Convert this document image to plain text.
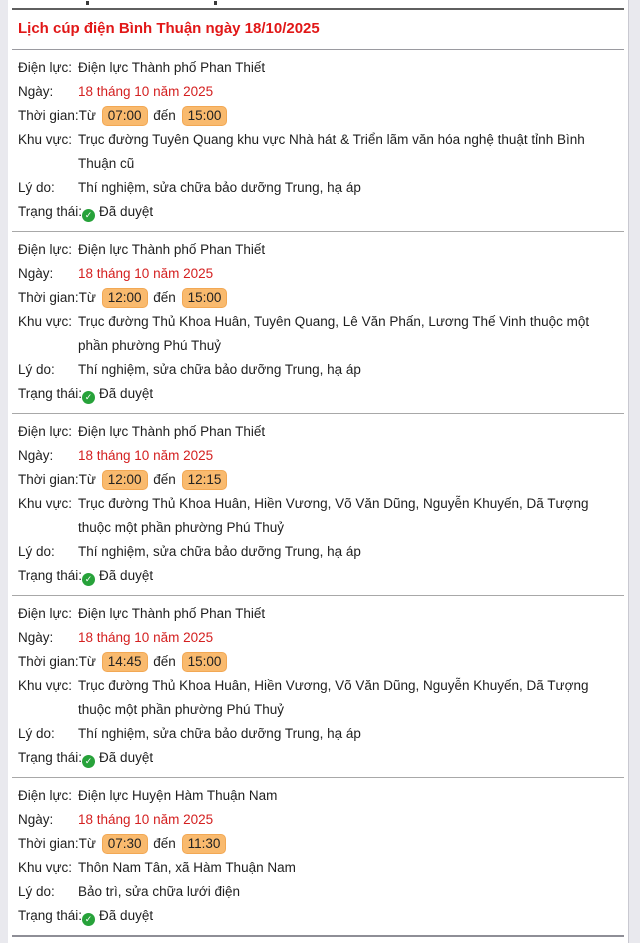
Lịch cúp điện Bình Thuận ngày 18/10/2025
Điện lực: Điện lực Thành phố Phan Thiết
Ngày:	18 tháng 10 năm 2025
Thời gian: Từ 07:00 đến 15:00
Khu vực: Trục đường Tuyên Quang khu vực Nhà hát & Triển lãm văn hóa nghệ thuật tỉnh Bình Thuận cũ
Lý do:	Thí nghiệm, sửa chữa bảo dưỡng Trung, hạ áp
Trạng thái: ✓ Đã duyệt
Điện lực: Điện lực Thành phố Phan Thiết
Ngày:	18 tháng 10 năm 2025
Thời gian: Từ 12:00 đến 15:00
Khu vực: Trục đường Thủ Khoa Huân, Tuyên Quang, Lê Văn Phấn, Lương Thế Vinh thuộc một phần phường Phú Thuỷ
Lý do:	Thí nghiệm, sửa chữa bảo dưỡng Trung, hạ áp
Trạng thái: ✓ Đã duyệt
Điện lực: Điện lực Thành phố Phan Thiết
Ngày:	18 tháng 10 năm 2025
Thời gian: Từ 12:00 đến 12:15
Khu vực: Trục đường Thủ Khoa Huân, Hiền Vương, Võ Văn Dũng, Nguyễn Khuyến, Dã Tượng thuộc một phần phường Phú Thuỷ
Lý do:	Thí nghiệm, sửa chữa bảo dưỡng Trung, hạ áp
Trạng thái: ✓ Đã duyệt
Điện lực: Điện lực Thành phố Phan Thiết
Ngày:	18 tháng 10 năm 2025
Thời gian: Từ 14:45 đến 15:00
Khu vực: Trục đường Thủ Khoa Huân, Hiền Vương, Võ Văn Dũng, Nguyễn Khuyến, Dã Tượng thuộc một phần phường Phú Thuỷ
Lý do:	Thí nghiệm, sửa chữa bảo dưỡng Trung, hạ áp
Trạng thái: ✓ Đã duyệt
Điện lực: Điện lực Huyện Hàm Thuận Nam
Ngày:	18 tháng 10 năm 2025
Thời gian: Từ 07:30 đến 11:30
Khu vực: Thôn Nam Tân, xã Hàm Thuận Nam
Lý do:	Bảo trì, sửa chữa lưới điện
Trạng thái: ✓ Đã duyệt
